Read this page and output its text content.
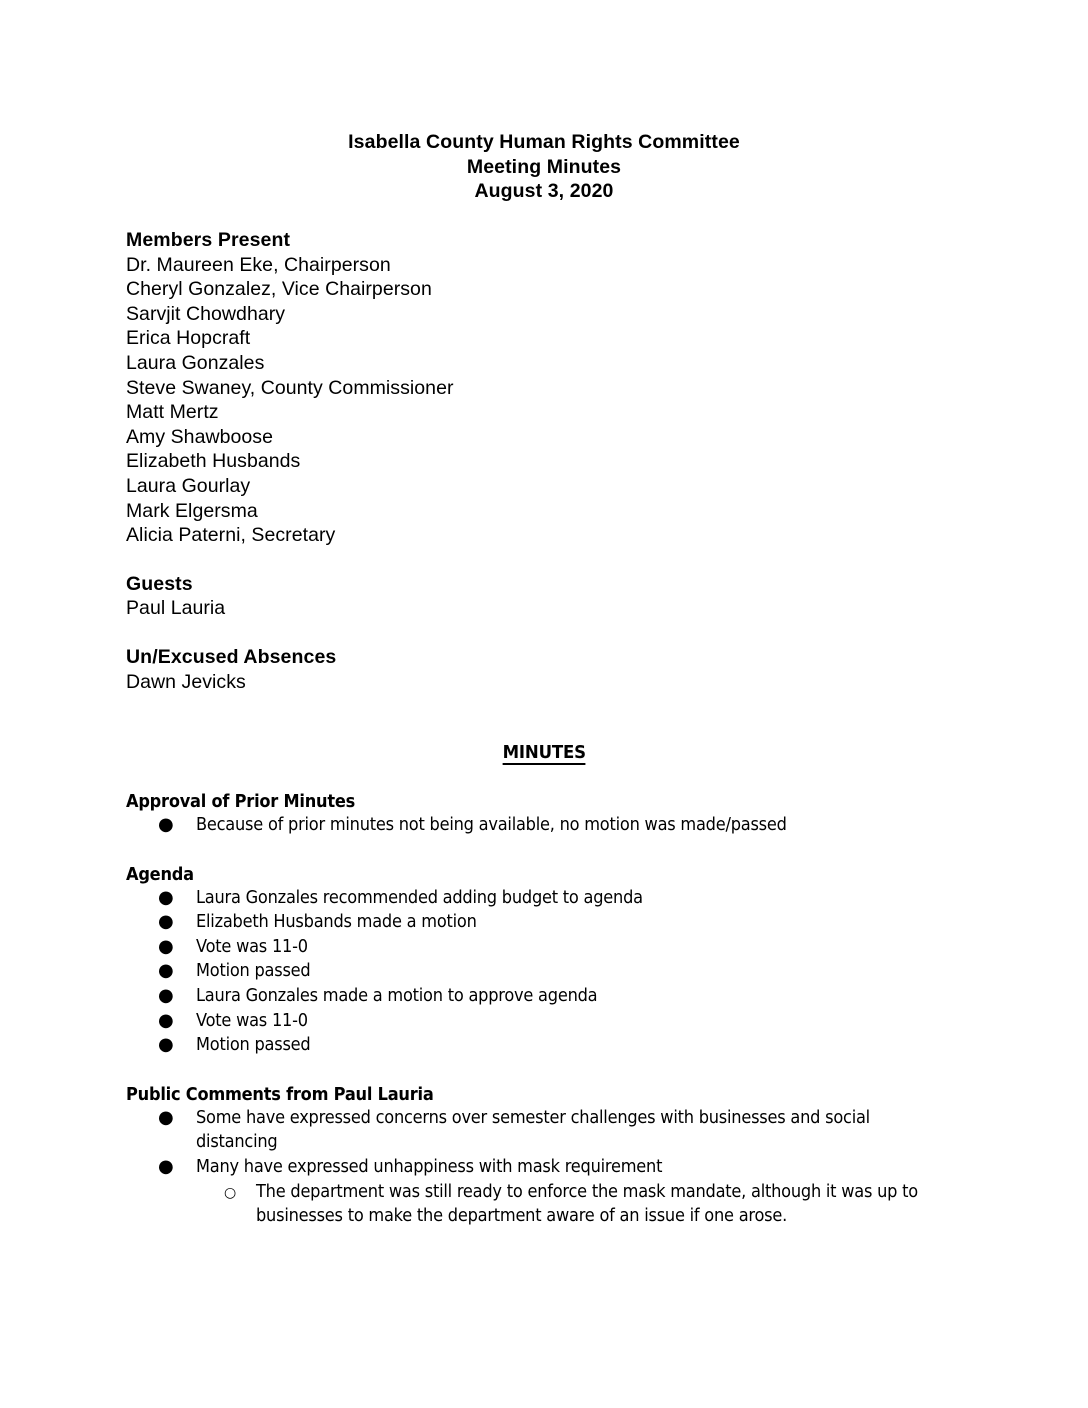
Isabella County Human Rights Committee
Meeting Minutes
August 3, 2020
Members Present
Dr. Maureen Eke, Chairperson
Cheryl Gonzalez, Vice Chairperson
Sarvjit Chowdhary
Erica Hopcraft
Laura Gonzales
Steve Swaney, County Commissioner
Matt Mertz
Amy Shawboose
Elizabeth Husbands
Laura Gourlay
Mark Elgersma
Alicia Paterni, Secretary
Guests
Paul Lauria
Un/Excused Absences
Dawn Jevicks
MINUTES
Approval of Prior Minutes
● Because of prior minutes not being available, no motion was made/passed
Agenda
● Laura Gonzales recommended adding budget to agenda
● Elizabeth Husbands made a motion
● Vote was 11-0
● Motion passed
● Laura Gonzales made a motion to approve agenda
● Vote was 11-0
● Motion passed
Public Comments from Paul Lauria
● Some have expressed concerns over semester challenges with businesses and social distancing
● Many have expressed unhappiness with mask requirement
○ The department was still ready to enforce the mask mandate, although it was up to businesses to make the department aware of an issue if one arose.
